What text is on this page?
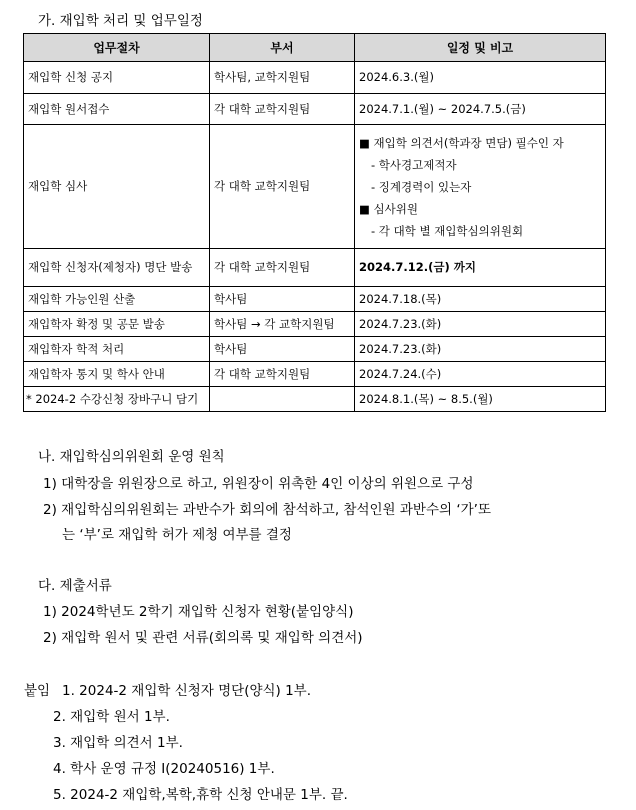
가. 재입학 처리 및 업무일정
업무절차	부서	일정 및 비고
재입학 신청 공지	학사팀, 교학지원팀	2024.6.3.(월)
재입학 원서접수	각 대학 교학지원팀	2024.7.1.(월) ~ 2024.7.5.(금)
재입학 심사	각 대학 교학지원팀	■ 재입학 의견서(학과장 면담) 필수인 자
- 학사경고제적자
- 징계경력이 있는자
■ 심사위원
- 각 대학 별 재입학심의위원회

재입학 신청자(제청자) 명단 발송	각 대학 교학지원팀	2024.7.12.(금) 까지
재입학 가능인원 산출	학사팀	2024.7.18.(목)
재입학자 확정 및 공문 발송	학사팀 → 각 교학지원팀	2024.7.23.(화)
재입학자 학적 처리	학사팀	2024.7.23.(화)
재입학자 통지 및 학사 안내	각 대학 교학지원팀	2024.7.24.(수)
* 2024-2 수강신청 장바구니 담기		2024.8.1.(목) ~ 8.5.(월)
나. 재입학심의위원회 운영 원칙
1) 대학장을 위원장으로 하고, 위원장이 위촉한 4인 이상의 위원으로 구성
2) 재입학심의위원회는 과반수가 회의에 참석하고, 참석인원 과반수의 ‘가’또
는 ‘부’로 재입학 허가 제청 여부를 결정
다. 제출서류
1) 2024학년도 2학기 재입학 신청자 현황(붙임양식)
2) 재입학 원서 및 관련 서류(회의록 및 재입학 의견서)
붙임 1. 2024-2 재입학 신청자 명단(양식) 1부.
2. 재입학 원서 1부.
3. 재입학 의견서 1부.
4. 학사 운영 규정 I(20240516) 1부.
5. 2024-2 재입학,복학,휴학 신청 안내문 1부. 끝.
